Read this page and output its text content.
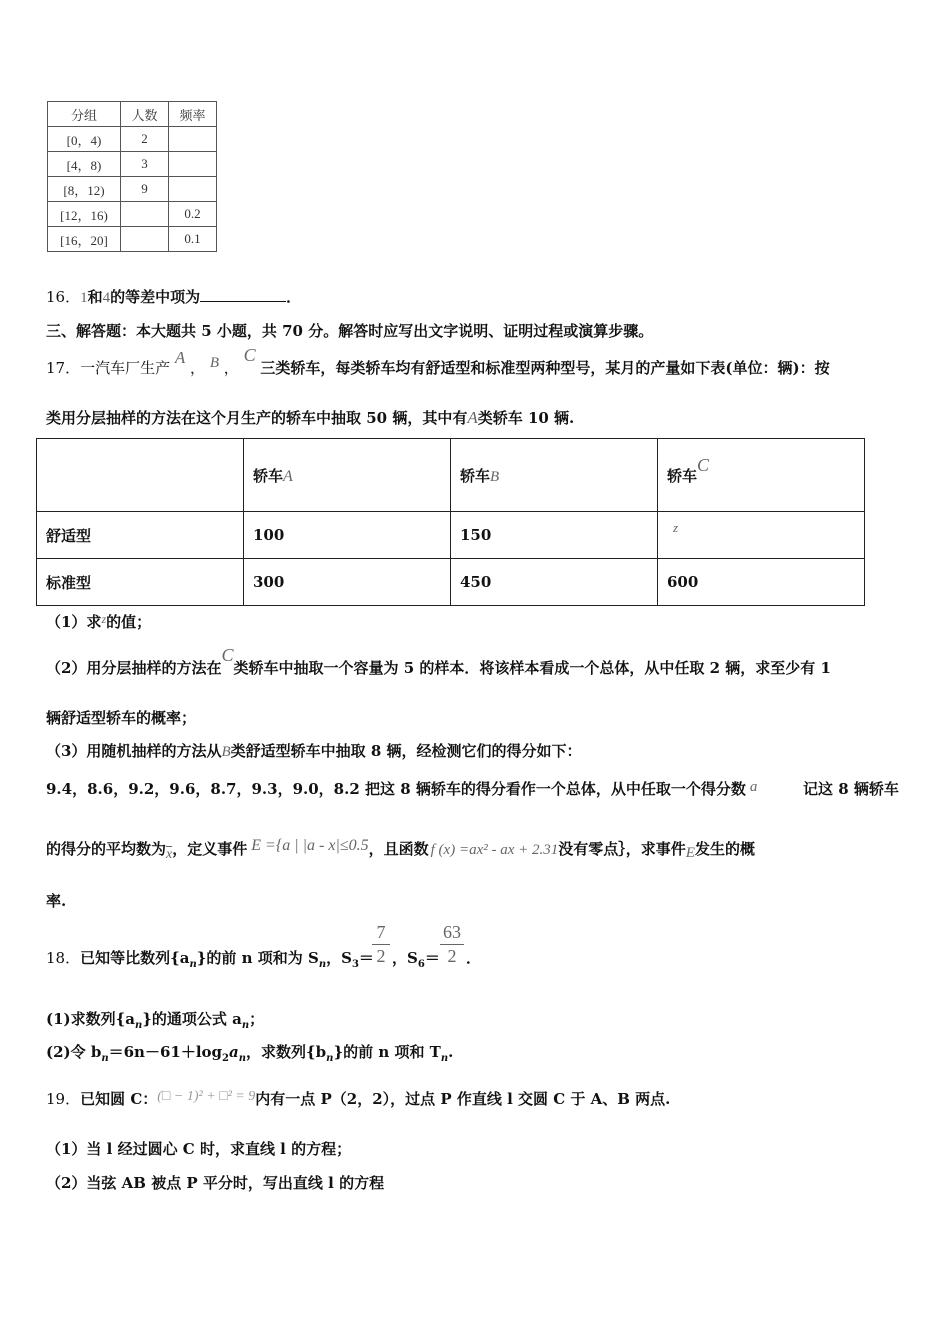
分组	人数	频率
[0，4)	2	
[4，8)	3	
[8，12)	9	
[12，16)		0.2
[16，20]		0.1
16．1和4的等差中项为	．
三、解答题：本大题共 5 小题，共 70 分。解答时应写出文字说明、证明过程或演算步骤。
17．一汽车厂生产 A ， B ， C 三类轿车，每类轿车均有舒适型和标准型两种型号，某月的产量如下表(单位：辆)：按
类用分层抽样的方法在这个月生产的轿车中抽取 50 辆，其中有A类轿车 10 辆.
	轿车A	轿车B	轿车C
舒适型	100	150	z
标准型	300	450	600
（1）求$^z$的值；
（2）用分层抽样的方法在C类轿车中抽取一个容量为 5 的样本．将该样本看成一个总体，从中任取 2 辆，求至少有 1
辆舒适型轿车的概率；
（3）用随机抽样的方法从B类舒适型轿车中抽取 8 辆，经检测它们的得分如下：
9.4，8.6，9.2，9.6，8.7，9.3，9.0，8.2 把这 8 辆轿车的得分看作一个总体，从中任取一个得分数 a	记这 8 辆轿车
的得分的平均数为$\overline{x}$，定义事件 E ={a | |a - x|≤0.5，且函数 f (x) =ax² - ax + 2.31没有零点｝，求事件E发生的概
率.
18．已知等比数列$\{a_n\}$的前 n 项和为 $S_n$，$S_3=$
7
2 ，$S_6=$
63
2 ．
(1)求数列$\{a_n\}$的通项公式 $a_n$；
(2)令 $b_n=6n-61+\log_2a_n$，求数列$\{b_n\}$的前 n 项和 $T_n$.
19．已知圆 C：(□ − 1)² + □² = 9内有一点 P（2，2），过点 P 作直线 l 交圆 C 于 A、B 两点.
（1）当 l 经过圆心 C 时，求直线 l 的方程；
（2）当弦 AB 被点 P 平分时，写出直线 l 的方程
